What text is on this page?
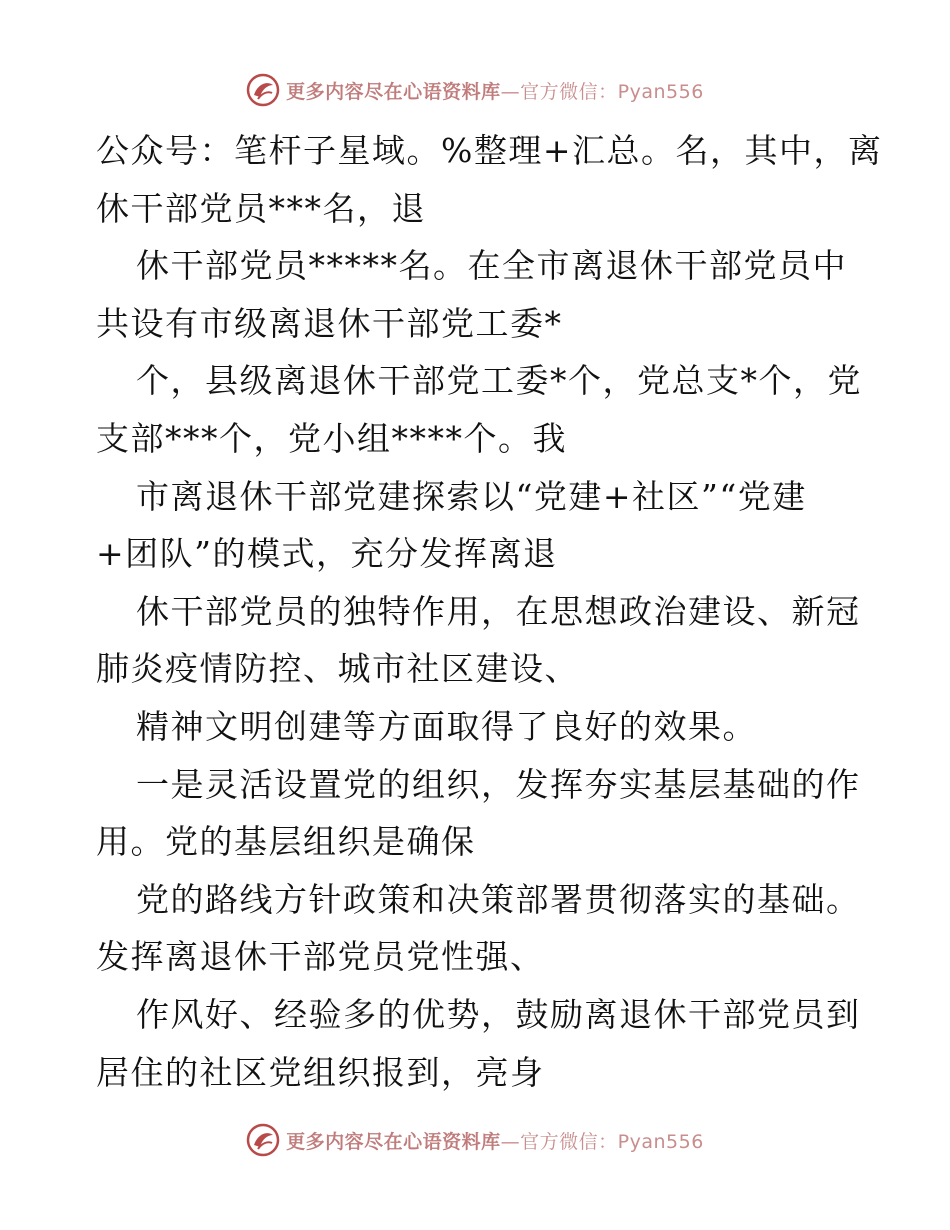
更多内容尽在心语资料库—官方微信：Pyan556
公众号：笔杆子星域。%整理+汇总。名，其中，离
休干部党员***名，退
休干部党员*****名。在全市离退休干部党员中
共设有市级离退休干部党工委*
个，县级离退休干部党工委*个，党总支*个，党
支部***个，党小组****个。我
市离退休干部党建探索以“党建+社区”“党建
+团队”的模式，充分发挥离退
休干部党员的独特作用，在思想政治建设、新冠
肺炎疫情防控、城市社区建设、
精神文明创建等方面取得了良好的效果。
一是灵活设置党的组织，发挥夯实基层基础的作
用。党的基层组织是确保
党的路线方针政策和决策部署贯彻落实的基础。
发挥离退休干部党员党性强、
作风好、经验多的优势，鼓励离退休干部党员到
居住的社区党组织报到，亮身
更多内容尽在心语资料库—官方微信：Pyan556
